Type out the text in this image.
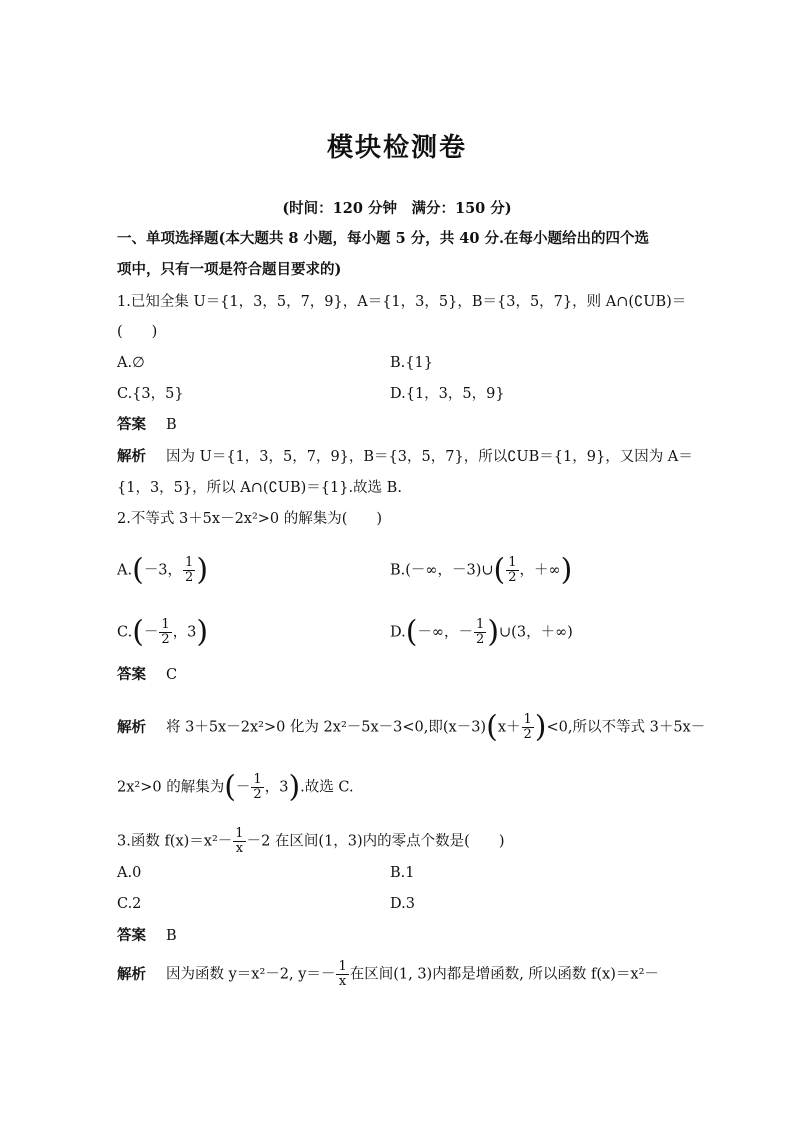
模块检测卷
(时间：120 分钟　满分：150 分)
一、单项选择题(本大题共 8 小题，每小题 5 分，共 40 分.在每小题给出的四个选
项中，只有一项是符合题目要求的)
1.已知全集 U＝{1，3，5，7，9}，A＝{1，3，5}，B＝{3，5，7}，则 A∩(∁UB)＝
(　　)
A.∅	B.{1}
C.{3，5}	D.{1，3，5，9}
答案 B
解析 因为 U＝{1，3，5，7，9}，B＝{3，5，7}，所以∁UB＝{1，9}，又因为 A＝
{1，3，5}，所以 A∩(∁UB)＝{1}.故选 B.
2.不等式 3＋5x－2x²>0 的解集为(　　)
A.(－3， $\frac{1}{2}$ )	B.(－∞，－3)∪( $\frac{1}{2}$ ，＋∞)
$C.(- \frac{1}{2}$ ，3)	D.(－∞，－ $\frac{1}{2}$ )∪(3，＋∞)
答案 C
解析 将 3＋5x－2x²>0 化为 2x²－5x－3<0,即$(x-3)(x+ \frac{1}{2} )<0$,所以不等式 3＋5x－
2x²>0 的解集为(－ $\frac{1}{2}$ ，3).故选 C.
3.函数 $f(x)=x^2- \frac{1}{x} -2$ 在区间(1，3)内的零点个数是(　　)
A.0	B.1
C.2	D.3
答案 B
解析 因为函数 y＝x²－2, $y=- \frac{1}{x}$ 在区间(1, 3)内都是增函数, 所以函数 f(x)＝x²－
